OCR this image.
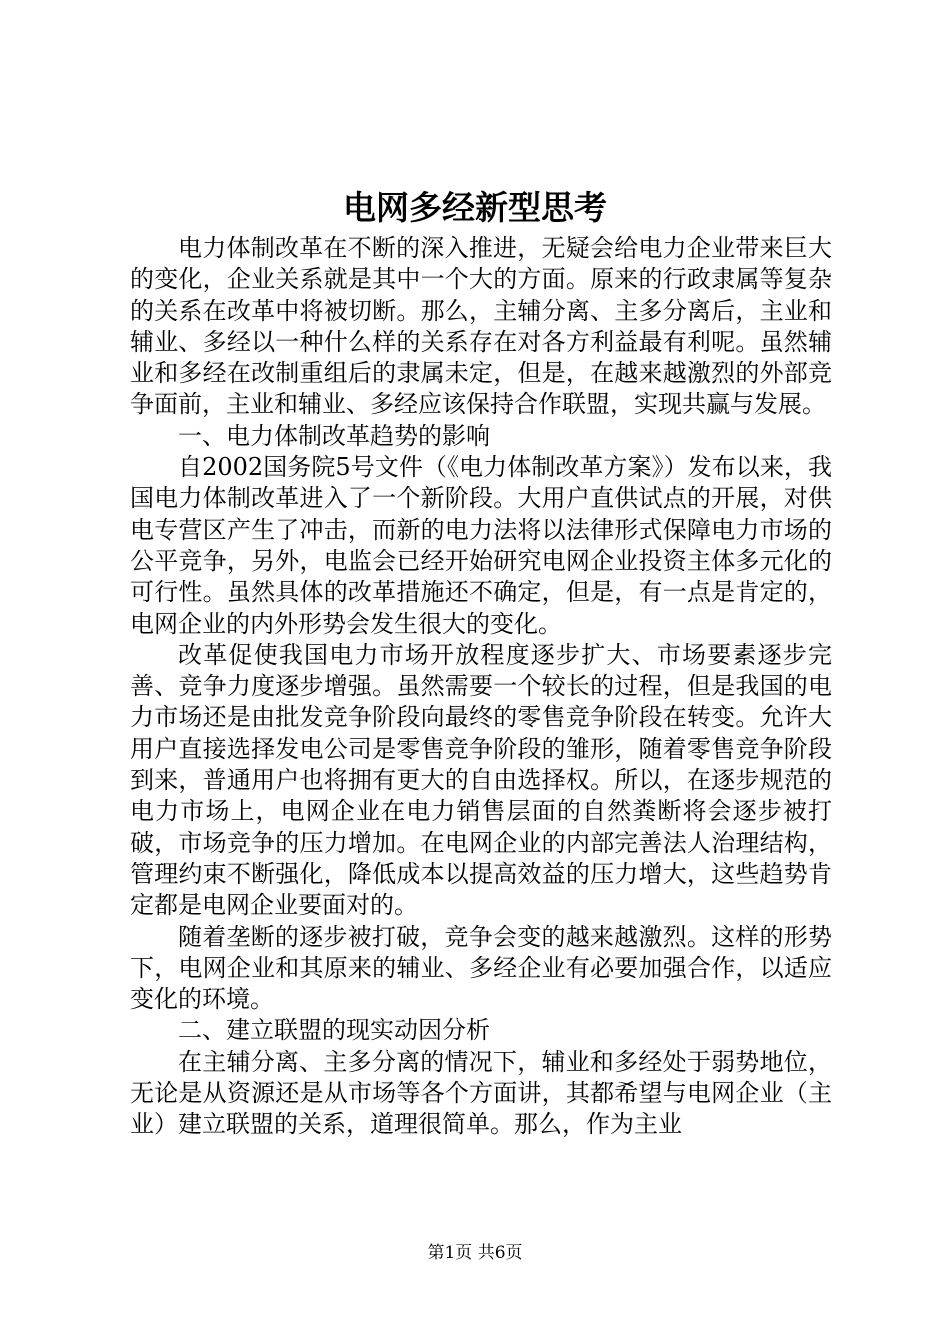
电网多经新型思考

电力体制改革在不断的深入推进，无疑会给电力企业带来巨大的变化，企业关系就是其中一个大的方面。原来的行政隶属等复杂的关系在改革中将被切断。那么，主辅分离、主多分离后，主业和辅业、多经以一种什么样的关系存在对各方利益最有利呢。虽然辅业和多经在改制重组后的隶属未定，但是，在越来越激烈的外部竞争面前，主业和辅业、多经应该保持合作联盟，实现共赢与发展。

一、电力体制改革趋势的影响

自2002国务院5号文件（《电力体制改革方案》）发布以来，我国电力体制改革进入了一个新阶段。大用户直供试点的开展，对供电专营区产生了冲击，而新的电力法将以法律形式保障电力市场的公平竞争，另外，电监会已经开始研究电网企业投资主体多元化的可行性。虽然具体的改革措施还不确定，但是，有一点是肯定的，电网企业的内外形势会发生很大的变化。

改革促使我国电力市场开放程度逐步扩大、市场要素逐步完善、竞争力度逐步增强。虽然需要一个较长的过程，但是我国的电力市场还是由批发竞争阶段向最终的零售竞争阶段在转变。允许大用户直接选择发电公司是零售竞争阶段的雏形，随着零售竞争阶段到来，普通用户也将拥有更大的自由选择权。所以，在逐步规范的电力市场上，电网企业在电力销售层面的自然粪断将会逐步被打破，市场竞争的压力增加。在电网企业的内部完善法人治理结构，管理约束不断强化，降低成本以提高效益的压力增大，这些趋势肯定都是电网企业要面对的。

随着垄断的逐步被打破，竞争会变的越来越激烈。这样的形势下，电网企业和其原来的辅业、多经企业有必要加强合作，以适应变化的环境。

二、建立联盟的现实动因分析

在主辅分离、主多分离的情况下，辅业和多经处于弱势地位，无论是从资源还是从市场等各个方面讲，其都希望与电网企业（主业）建立联盟的关系，道理很简单。那么，作为主业

第1页 共6页
